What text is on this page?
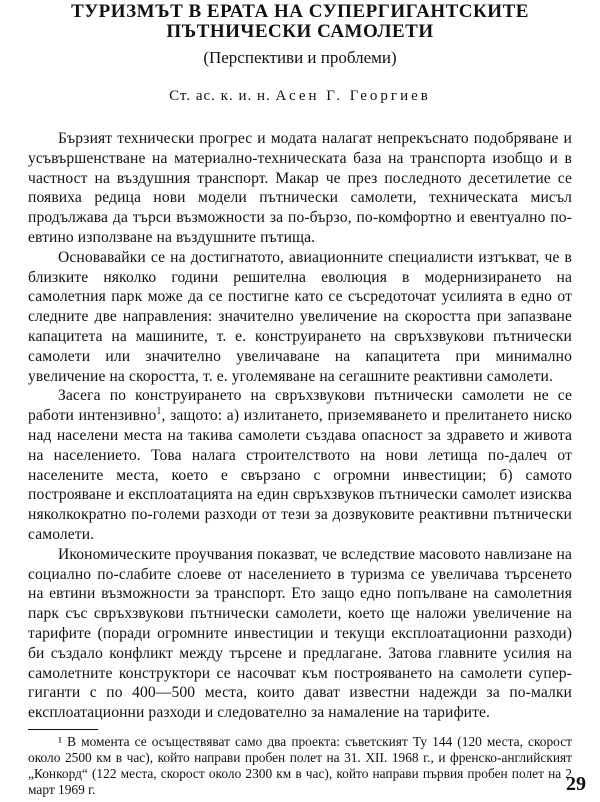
ТУРИЗМЪТ В ЕРАТА НА СУПЕРГИГАНТСКИТЕ
ПЪТНИЧЕСКИ САМОЛЕТИ
(Перспективи и проблеми)
Ст. ас. к. и. н. Асен Г. Георгиев

Бързият технически прогрес и модата налагат непрекъснато подобряване и усъвършенстване на материално-техническата база на транспорта изобщо и в частност на въздушния транспорт. Макар че през последното десетилетие се появиха редица нови модели пътнически самолети, техническата мисъл продължава да търси възможности за по-бързо, по-комфортно и евентуално по-евтино използване на въздушните пътища.

Основавайки се на достигнатото, авиационните специалисти изтъкват, че в близките няколко години решителна еволюция в модернизирането на самолетния парк може да се постигне като се съсредоточат усилията в едно от следните две направления: значително увеличение на скоростта при запазване капацитета на машините, т. е. конструирането на свръхзвукови пътнически самолети или значително увеличаване на капацитета при минимално увеличение на скоростта, т. е. уголемяване на сегашните реактивни самолети.

Засега по конструирането на свръхзвукови пътнически самолети не се работи интензивно$^1$, защото: а) излитането, приземяването и прелитането ниско над населени места на такива самолети създава опасност за здравето и живота на населението. Това налага строителството на нови летища по-далеч от населените места, което е свързано с огромни инвестиции; б) самото построяване и експлоатацията на един свръхзвуков пътнически самолет изисква няколкократно по-големи разходи от тези за дозвуковите реактивни пътнически самолети.

Икономическите проучвания показват, че вследствие масовото навлизане на социално по-слабите слоеве от населението в туризма се увеличава търсенето на евтини възможности за транспорт. Ето защо едно попълване на самолетния парк със свръхзвукови пътнически самолети, което ще наложи увеличение на тарифите (поради огромните инвестиции и текущи експлоатационни разходи) би създало конфликт между търсене и предлагане. Затова главните усилия на самолетните конструктори се насочват към построяването на самолети супер-гиганти с по 400—500 места, които дават известни надежди за по-малки експлоатационни разходи и следователно за намаление на тарифите.

¹ В момента се осъществяват само два проекта: съветският Ту 144 (120 места, скорост около 2500 км в час), който направи пробен полет на 31. XII. 1968 г., и френско-английският „Конкорд“ (122 места, скорост около 2300 км в час), който направи първия пробен полет на 2 март 1969 г.	29
